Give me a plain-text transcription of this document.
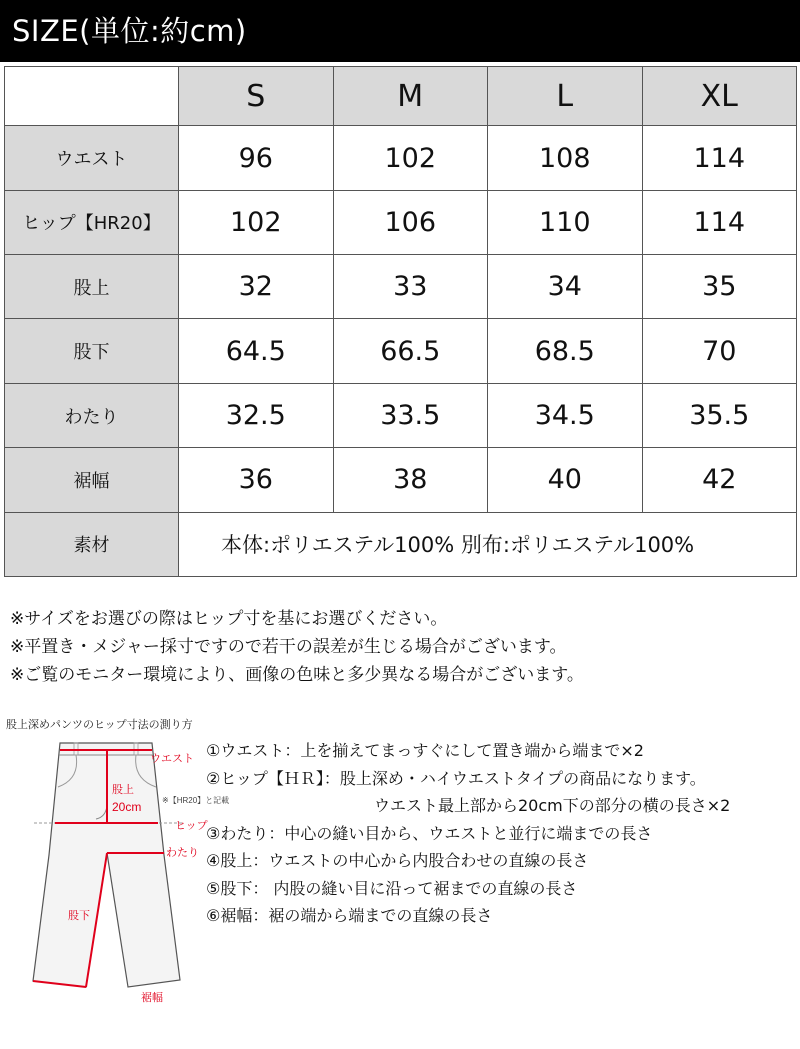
SIZE(単位:約cm)
	S	M	L	XL
ウエスト	96	102	108	114
ヒップ【HR20】	102	106	110	114
股上	32	33	34	35
股下	64.5	66.5	68.5	70
わたり	32.5	33.5	34.5	35.5
裾幅	36	38	40	42
素材	本体:ポリエステル100% 別布:ポリエステル100%			
※サイズをお選びの際はヒップ寸を基にお選びください。
※平置き・メジャー採寸ですので若干の誤差が生じる場合がございます。
※ご覧のモニター環境により、画像の色味と多少異なる場合がございます。
股上深めパンツのヒップ寸法の測り方
ウエスト
股上
20cm	※【HR20】と記載
ヒップ
わたり
股下
裾幅
①ウエスト：上を揃えてまっすぐにして置き端から端まで×2
②ヒップ【ＨＲ】：股上深め・ハイウエストタイプの商品になります。
ウエスト最上部から20cm下の部分の横の長さ×2
③わたり：中心の縫い目から、ウエストと並行に端までの長さ
④股上：ウエストの中心から内股合わせの直線の長さ
⑤股下： 内股の縫い目に沿って裾までの直線の長さ
⑥裾幅：裾の端から端までの直線の長さ
